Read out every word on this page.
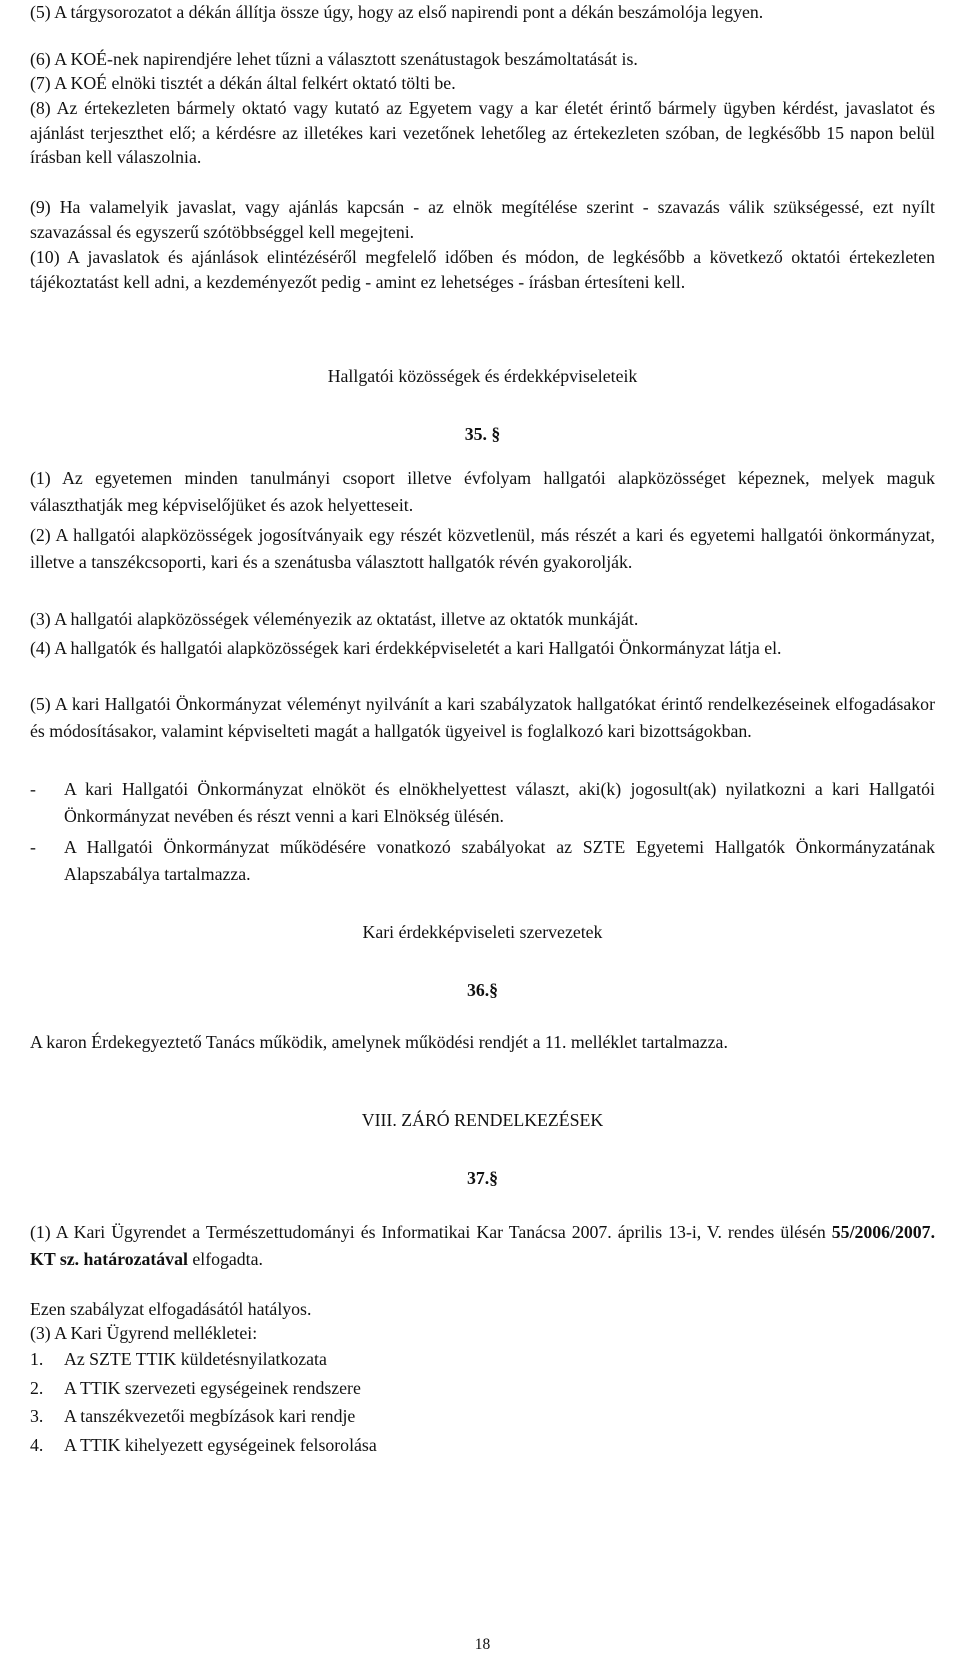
(5) A tárgysorozatot a dékán állítja össze úgy, hogy az első napirendi pont a dékán beszámolója legyen.
(6) A KOÉ-nek napirendjére lehet tűzni a választott szenátustagok beszámoltatását is.
(7) A KOÉ elnöki tisztét a dékán által felkért oktató tölti be.
(8) Az értekezleten bármely oktató vagy kutató az Egyetem vagy a kar életét érintő bármely ügyben kérdést, javaslatot és ajánlást terjeszthet elő; a kérdésre az illetékes kari vezetőnek lehetőleg az értekezleten szóban, de legkésőbb 15 napon belül írásban kell válaszolnia.
(9) Ha valamelyik javaslat, vagy ajánlás kapcsán - az elnök megítélése szerint - szavazás válik szükségessé, ezt nyílt szavazással és egyszerű szótöbbséggel kell megejteni.
(10) A javaslatok és ajánlások elintézéséről megfelelő időben és módon, de legkésőbb a következő oktatói értekezleten tájékoztatást kell adni, a kezdeményezőt pedig - amint ez lehetséges - írásban értesíteni kell.
Hallgatói közösségek és érdekképviseleteik
35. §
(1) Az egyetemen minden tanulmányi csoport illetve évfolyam hallgatói alapközösséget képeznek, melyek maguk választhatják meg képviselőjüket és azok helyetteseit.
(2) A hallgatói alapközösségek jogosítványaik egy részét közvetlenül, más részét a kari és egyetemi hallgatói önkormányzat, illetve a tanszékcsoporti, kari és a szenátusba választott hallgatók révén gyakorolják.
(3) A hallgatói alapközösségek véleményezik az oktatást, illetve az oktatók munkáját.
(4) A hallgatók és hallgatói alapközösségek kari érdekképviseletét a kari Hallgatói Önkormányzat látja el.
(5) A kari Hallgatói Önkormányzat véleményt nyilvánít a kari szabályzatok hallgatókat érintő rendelkezéseinek elfogadásakor és módosításakor, valamint képviselteti magát a hallgatók ügyeivel is foglalkozó kari bizottságokban.
- A kari Hallgatói Önkormányzat elnököt és elnökhelyettest választ, aki(k) jogosult(ak) nyilatkozni a kari Hallgatói Önkormányzat nevében és részt venni a kari Elnökség ülésén.
- A Hallgatói Önkormányzat működésére vonatkozó szabályokat az SZTE Egyetemi Hallgatók Önkormányzatának Alapszabálya tartalmazza.
Kari érdekképviseleti szervezetek
36.§
A karon Érdekegyeztető Tanács működik, amelynek működési rendjét a 11. melléklet tartalmazza.
VIII. ZÁRÓ RENDELKEZÉSEK
37.§
(1) A Kari Ügyrendet a Természettudományi és Informatikai Kar Tanácsa 2007. április 13-i, V. rendes ülésén 55/2006/2007. KT sz. határozatával elfogadta.
Ezen szabályzat elfogadásától hatályos.
(3) A Kari Ügyrend mellékletei:
1. Az SZTE TTIK küldetésnyilatkozata
2. A TTIK szervezeti egységeinek rendszere
3. A tanszékvezetői megbízások kari rendje
4. A TTIK kihelyezett egységeinek felsorolása
18
